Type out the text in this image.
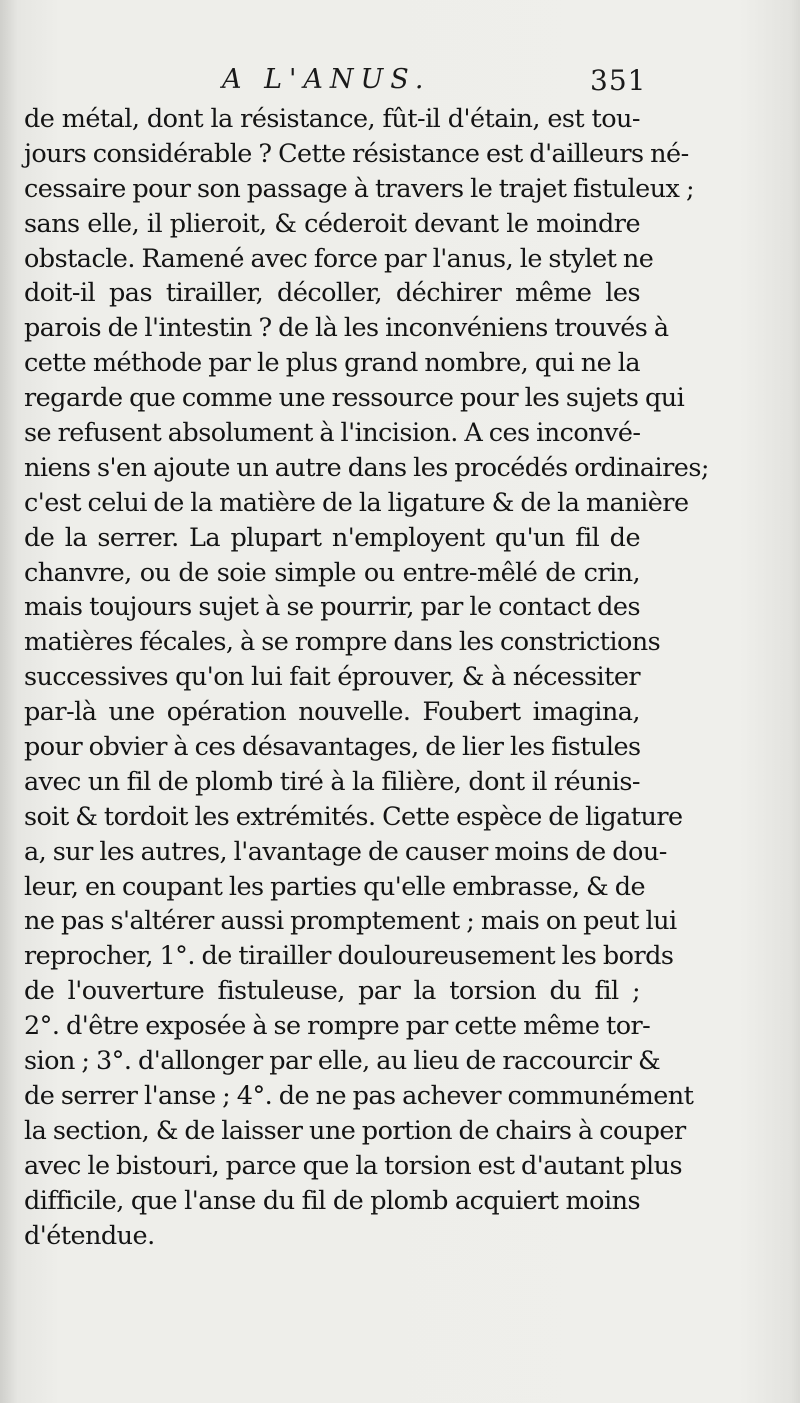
A L'ANUS.	351
de métal, dont la résistance, fût-il d'étain, est tou-
jours considérable ? Cette résistance est d'ailleurs né-
cessaire pour son passage à travers le trajet fistuleux ;
sans elle, il plieroit, & céderoit devant le moindre
obstacle. Ramené avec force par l'anus, le stylet ne
doit-il pas tirailler, décoller, déchirer même les
parois de l'intestin ? de là les inconvéniens trouvés à
cette méthode par le plus grand nombre, qui ne la
regarde que comme une ressource pour les sujets qui
se refusent absolument à l'incision. A ces inconvé-
niens s'en ajoute un autre dans les procédés ordinaires;
c'est celui de la matière de la ligature & de la manière
de la serrer. La plupart n'employent qu'un fil de
chanvre, ou de soie simple ou entre-mêlé de crin,
mais toujours sujet à se pourrir, par le contact des
matières fécales, à se rompre dans les constrictions
successives qu'on lui fait éprouver, & à nécessiter
par-là une opération nouvelle. Foubert imagina,
pour obvier à ces désavantages, de lier les fistules
avec un fil de plomb tiré à la filière, dont il réunis-
soit & tordoit les extrémités. Cette espèce de ligature
a, sur les autres, l'avantage de causer moins de dou-
leur, en coupant les parties qu'elle embrasse, & de
ne pas s'altérer aussi promptement ; mais on peut lui
reprocher, 1°. de tirailler douloureusement les bords
de l'ouverture fistuleuse, par la torsion du fil ;
2°. d'être exposée à se rompre par cette même tor-
sion ; 3°. d'allonger par elle, au lieu de raccourcir &
de serrer l'anse ; 4°. de ne pas achever communément
la section, & de laisser une portion de chairs à couper
avec le bistouri, parce que la torsion est d'autant plus
difficile, que l'anse du fil de plomb acquiert moins
d'étendue.
